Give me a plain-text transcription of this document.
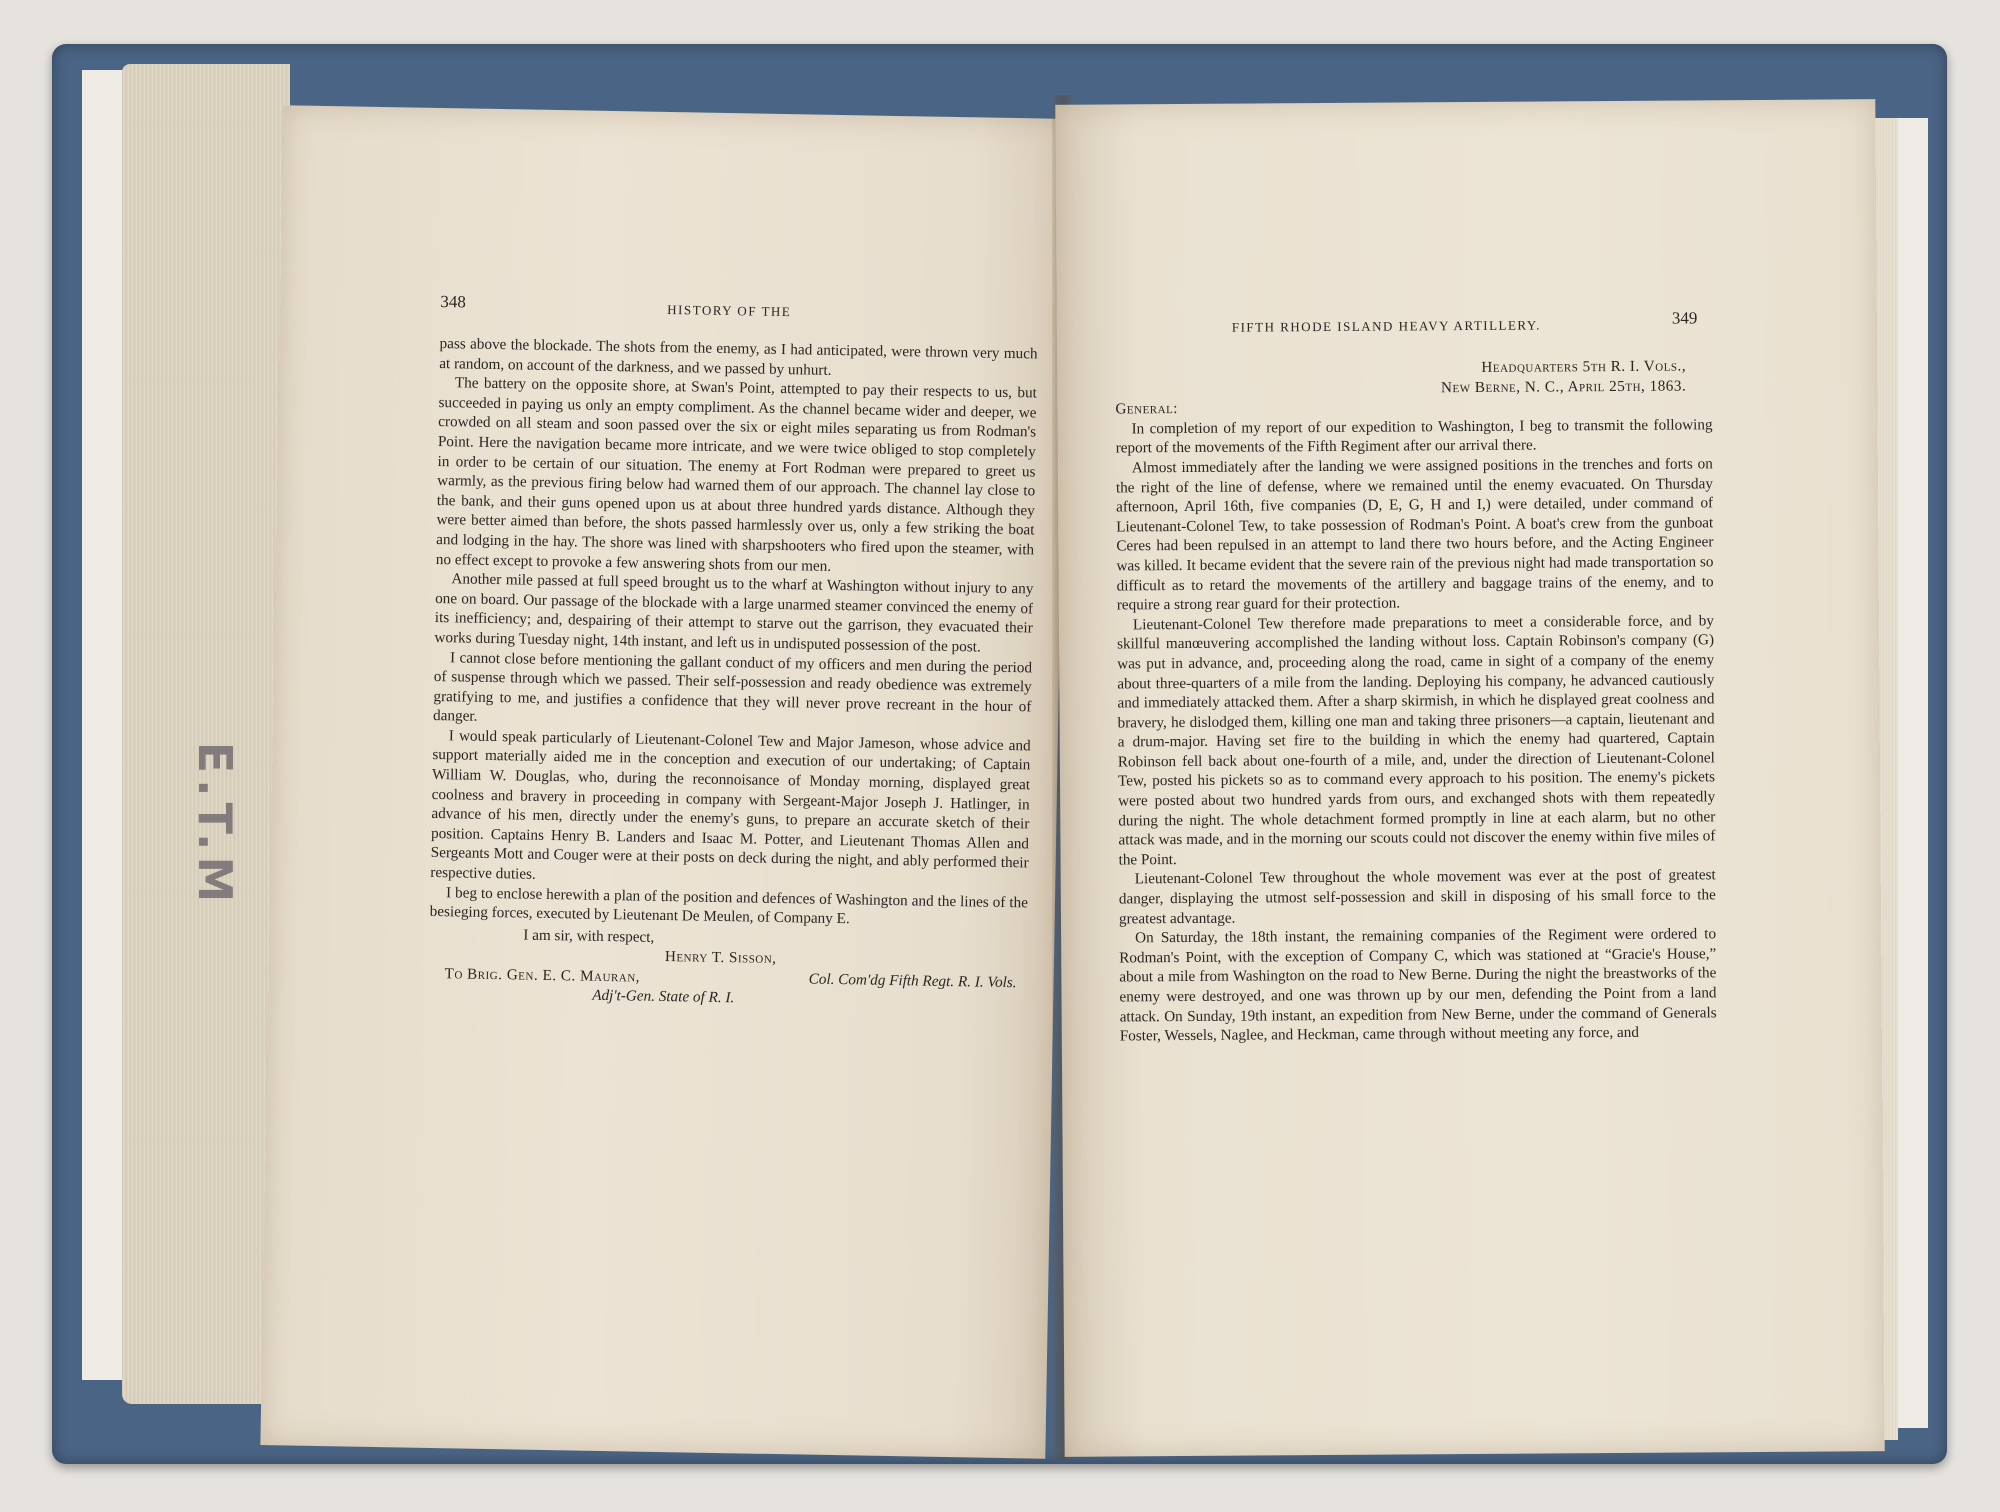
E.T.M
348	HISTORY OF THE

pass above the blockade. The shots from the enemy, as I had anticipated, were thrown very much at random, on account of the darkness, and we passed by unhurt.

The battery on the opposite shore, at Swan's Point, attempted to pay their respects to us, but succeeded in paying us only an empty compliment. As the channel became wider and deeper, we crowded on all steam and soon passed over the six or eight miles separating us from Rodman's Point. Here the navigation became more intricate, and we were twice obliged to stop completely in order to be certain of our situation. The enemy at Fort Rodman were prepared to greet us warmly, as the previous firing below had warned them of our approach. The channel lay close to the bank, and their guns opened upon us at about three hundred yards distance. Although they were better aimed than before, the shots passed harmlessly over us, only a few striking the boat and lodging in the hay. The shore was lined with sharpshooters who fired upon the steamer, with no effect except to provoke a few answering shots from our men.

Another mile passed at full speed brought us to the wharf at Washington without injury to any one on board. Our passage of the blockade with a large unarmed steamer convinced the enemy of its inefficiency; and, despairing of their attempt to starve out the garrison, they evacuated their works during Tuesday night, 14th instant, and left us in undisputed possession of the post.

I cannot close before mentioning the gallant conduct of my officers and men during the period of suspense through which we passed. Their self-possession and ready obedience was extremely gratifying to me, and justifies a confidence that they will never prove recreant in the hour of danger.

I would speak particularly of Lieutenant-Colonel Tew and Major Jameson, whose advice and support materially aided me in the conception and execution of our undertaking; of Captain William W. Douglas, who, during the reconnoisance of Monday morning, displayed great coolness and bravery in proceeding in company with Sergeant-Major Joseph J. Hatlinger, in advance of his men, directly under the enemy's guns, to prepare an accurate sketch of their position. Captains Henry B. Landers and Isaac M. Potter, and Lieutenant Thomas Allen and Sergeants Mott and Couger were at their posts on deck during the night, and ably performed their respective duties.

I beg to enclose herewith a plan of the position and defences of Washington and the lines of the besieging forces, executed by Lieutenant De Meulen, of Company E.

I am sir, with respect,

Henry T. Sisson,

Col. Com'dg Fifth Regt. R. I. Vols.

To Brig. Gen. E. C. Mauran,

Adj't-Gen. State of R. I.

FIFTH RHODE ISLAND HEAVY ARTILLERY.	349

Headquarters 5th R. I. Vols.,

New Berne, N. C., April 25th, 1863.

General:

In completion of my report of our expedition to Washington, I beg to transmit the following report of the movements of the Fifth Regiment after our arrival there.

Almost immediately after the landing we were assigned positions in the trenches and forts on the right of the line of defense, where we remained until the enemy evacuated. On Thursday afternoon, April 16th, five companies (D, E, G, H and I,) were detailed, under command of Lieutenant-Colonel Tew, to take possession of Rodman's Point. A boat's crew from the gunboat Ceres had been repulsed in an attempt to land there two hours before, and the Acting Engineer was killed. It became evident that the severe rain of the previous night had made transportation so difficult as to retard the movements of the artillery and baggage trains of the enemy, and to require a strong rear guard for their protection.

Lieutenant-Colonel Tew therefore made preparations to meet a considerable force, and by skillful manœuvering accomplished the landing without loss. Captain Robinson's company (G) was put in advance, and, proceeding along the road, came in sight of a company of the enemy about three-quarters of a mile from the landing. Deploying his company, he advanced cautiously and immediately attacked them. After a sharp skirmish, in which he displayed great coolness and bravery, he dislodged them, killing one man and taking three prisoners—a captain, lieutenant and a drum-major. Having set fire to the building in which the enemy had quartered, Captain Robinson fell back about one-fourth of a mile, and, under the direction of Lieutenant-Colonel Tew, posted his pickets so as to command every approach to his position. The enemy's pickets were posted about two hundred yards from ours, and exchanged shots with them repeatedly during the night. The whole detachment formed promptly in line at each alarm, but no other attack was made, and in the morning our scouts could not discover the enemy within five miles of the Point.

Lieutenant-Colonel Tew throughout the whole movement was ever at the post of greatest danger, displaying the utmost self-possession and skill in disposing of his small force to the greatest advantage.

On Saturday, the 18th instant, the remaining companies of the Regiment were ordered to Rodman's Point, with the exception of Company C, which was stationed at “Gracie's House,” about a mile from Washington on the road to New Berne. During the night the breastworks of the enemy were destroyed, and one was thrown up by our men, defending the Point from a land attack. On Sunday, 19th instant, an expedition from New Berne, under the command of Generals Foster, Wessels, Naglee, and Heckman, came through without meeting any force, and
